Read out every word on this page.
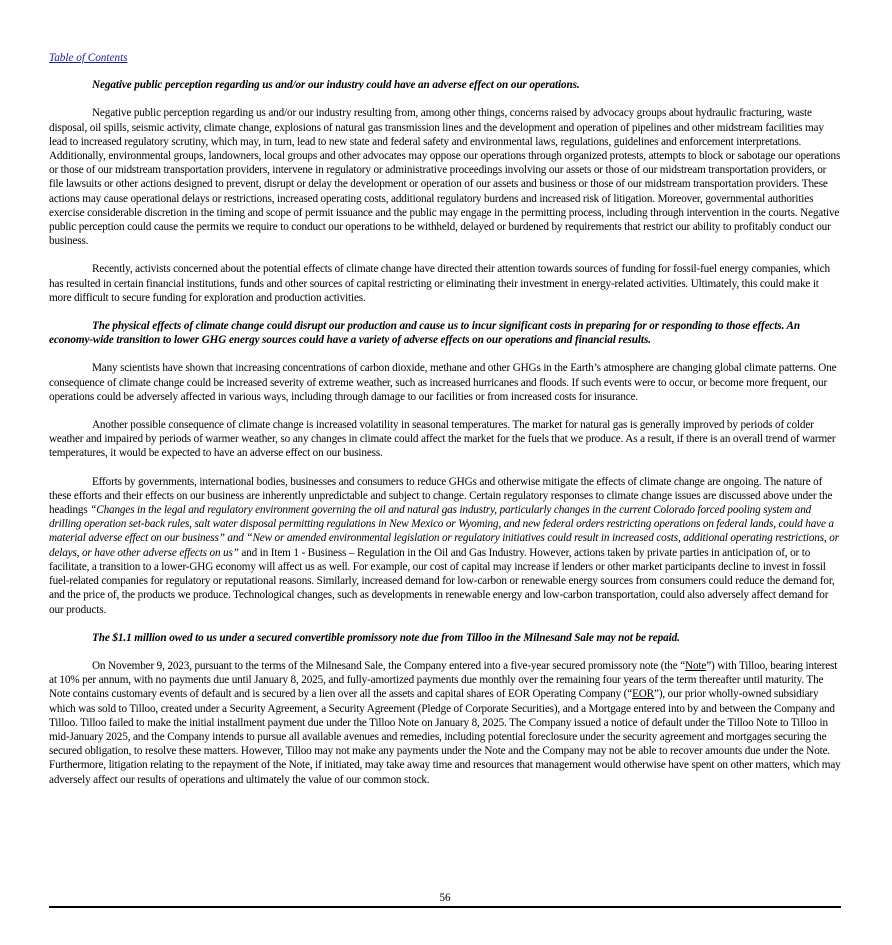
Table of Contents

Negative public perception regarding us and/or our industry could have an adverse effect on our operations.

Negative public perception regarding us and/or our industry resulting from, among other things, concerns raised by advocacy groups about hydraulic fracturing, waste disposal, oil spills, seismic activity, climate change, explosions of natural gas transmission lines and the development and operation of pipelines and other midstream facilities may lead to increased regulatory scrutiny, which may, in turn, lead to new state and federal safety and environmental laws, regulations, guidelines and enforcement interpretations. Additionally, environmental groups, landowners, local groups and other advocates may oppose our operations through organized protests, attempts to block or sabotage our operations or those of our midstream transportation providers, intervene in regulatory or administrative proceedings involving our assets or those of our midstream transportation providers, or file lawsuits or other actions designed to prevent, disrupt or delay the development or operation of our assets and business or those of our midstream transportation providers. These actions may cause operational delays or restrictions, increased operating costs, additional regulatory burdens and increased risk of litigation. Moreover, governmental authorities exercise considerable discretion in the timing and scope of permit issuance and the public may engage in the permitting process, including through intervention in the courts. Negative public perception could cause the permits we require to conduct our operations to be withheld, delayed or burdened by requirements that restrict our ability to profitably conduct our business.

Recently, activists concerned about the potential effects of climate change have directed their attention towards sources of funding for fossil-fuel energy companies, which has resulted in certain financial institutions, funds and other sources of capital restricting or eliminating their investment in energy-related activities. Ultimately, this could make it more difficult to secure funding for exploration and production activities.

The physical effects of climate change could disrupt our production and cause us to incur significant costs in preparing for or responding to those effects. An economy-wide transition to lower GHG energy sources could have a variety of adverse effects on our operations and financial results.

Many scientists have shown that increasing concentrations of carbon dioxide, methane and other GHGs in the Earth’s atmosphere are changing global climate patterns. One consequence of climate change could be increased severity of extreme weather, such as increased hurricanes and floods. If such events were to occur, or become more frequent, our operations could be adversely affected in various ways, including through damage to our facilities or from increased costs for insurance.

Another possible consequence of climate change is increased volatility in seasonal temperatures. The market for natural gas is generally improved by periods of colder weather and impaired by periods of warmer weather, so any changes in climate could affect the market for the fuels that we produce. As a result, if there is an overall trend of warmer temperatures, it would be expected to have an adverse effect on our business.

Efforts by governments, international bodies, businesses and consumers to reduce GHGs and otherwise mitigate the effects of climate change are ongoing. The nature of these efforts and their effects on our business are inherently unpredictable and subject to change. Certain regulatory responses to climate change issues are discussed above under the headings “Changes in the legal and regulatory environment governing the oil and natural gas industry, particularly changes in the current Colorado forced pooling system and drilling operation set-back rules, salt water disposal permitting regulations in New Mexico or Wyoming, and new federal orders restricting operations on federal lands, could have a material adverse effect on our business” and “New or amended environmental legislation or regulatory initiatives could result in increased costs, additional operating restrictions, or delays, or have other adverse effects on us” and in Item 1 - Business – Regulation in the Oil and Gas Industry. However, actions taken by private parties in anticipation of, or to facilitate, a transition to a lower-GHG economy will affect us as well. For example, our cost of capital may increase if lenders or other market participants decline to invest in fossil fuel-related companies for regulatory or reputational reasons. Similarly, increased demand for low-carbon or renewable energy sources from consumers could reduce the demand for, and the price of, the products we produce. Technological changes, such as developments in renewable energy and low-carbon transportation, could also adversely affect demand for our products.

The $1.1 million owed to us under a secured convertible promissory note due from Tilloo in the Milnesand Sale may not be repaid.

On November 9, 2023, pursuant to the terms of the Milnesand Sale, the Company entered into a five-year secured promissory note (the “Note”) with Tilloo, bearing interest at 10% per annum, with no payments due until January 8, 2025, and fully-amortized payments due monthly over the remaining four years of the term thereafter until maturity. The Note contains customary events of default and is secured by a lien over all the assets and capital shares of EOR Operating Company (“EOR”), our prior wholly-owned subsidiary which was sold to Tilloo, created under a Security Agreement, a Security Agreement (Pledge of Corporate Securities), and a Mortgage entered into by and between the Company and Tilloo. Tilloo failed to make the initial installment payment due under the Tilloo Note on January 8, 2025. The Company issued a notice of default under the Tilloo Note to Tilloo in mid-January 2025, and the Company intends to pursue all available avenues and remedies, including potential foreclosure under the security agreement and mortgages securing the secured obligation, to resolve these matters. However, Tilloo may not make any payments under the Note and the Company may not be able to recover amounts due under the Note. Furthermore, litigation relating to the repayment of the Note, if initiated, may take away time and resources that management would otherwise have spent on other matters, which may adversely affect our results of operations and ultimately the value of our common stock.

56
